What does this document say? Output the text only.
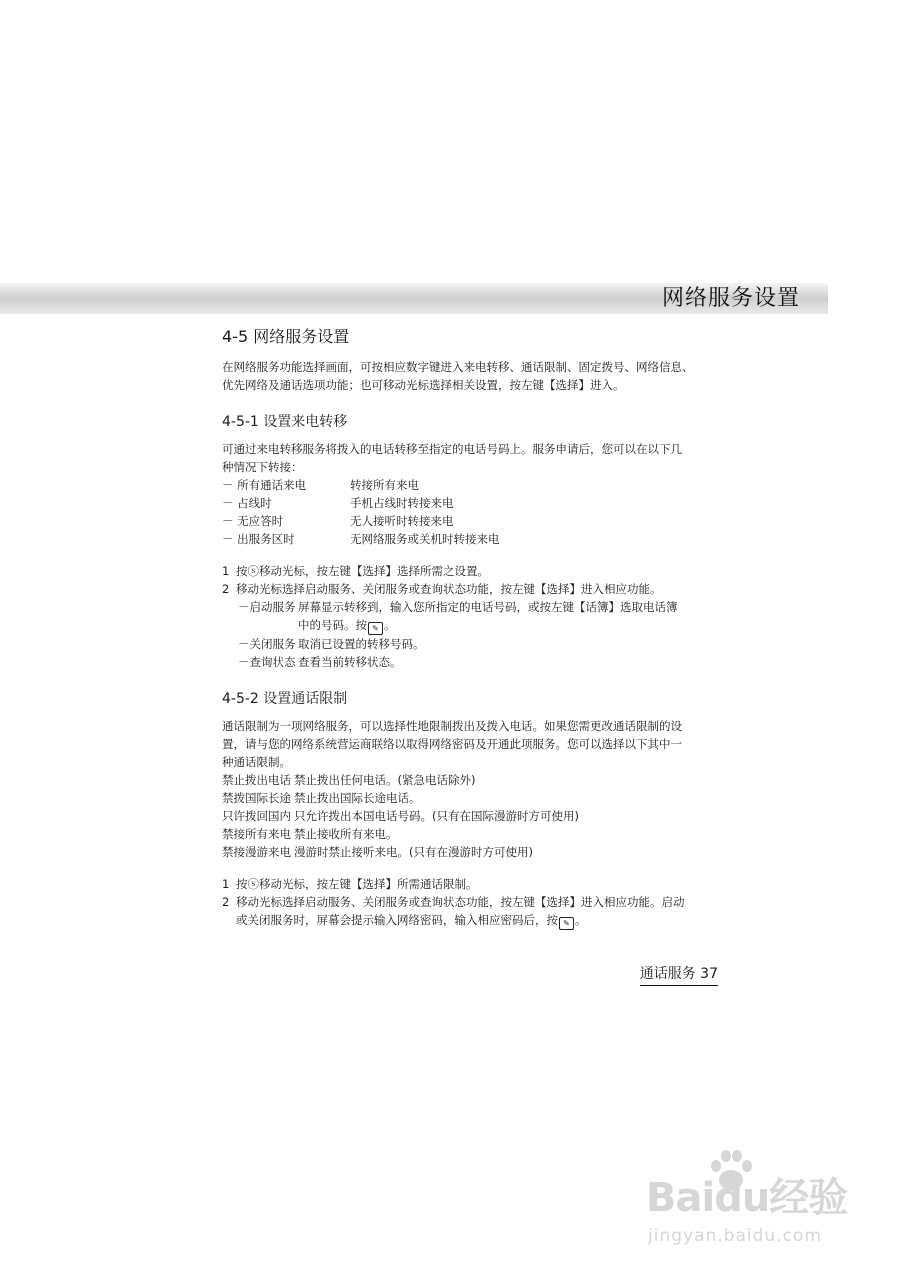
网络服务设置
4-5 网络服务设置

在网络服务功能选择画面，可按相应数字键进入来电转移、通话限制、固定拨号、网络信息、

优先网络及通话选项功能；也可移动光标选择相关设置，按左键【选择】进入。

4-5-1 设置来电转移

可通过来电转移服务将拨入的电话转移至指定的电话号码上。服务申请后，您可以在以下几

种情况下转接：

－ 所有通话来电	转接所有来电
－ 占线时	手机占线时转接来电
－ 无应答时	无人接听时转接来电
－ 出服务区时	无网络服务或关机时转接来电
1 按ⓢ移动光标，按左键【选择】选择所需之设置。
2 移动光标选择启动服务、关闭服务或查询状态功能，按左键【选择】进入相应功能。
－启动服务 屏幕显示转移到，输入您所指定的电话号码，或按左键【话簿】选取电话簿
中的号码。按 ✎ 。
－关闭服务 取消已设置的转移号码。
－查询状态 查看当前转移状态。
4-5-2 设置通话限制

通话限制为一项网络服务，可以选择性地限制拨出及拨入电话。如果您需更改通话限制的设

置，请与您的网络系统营运商联络以取得网络密码及开通此项服务。您可以选择以下其中一

种通话限制。

禁止拨出电话 禁止拨出任何电话。(紧急电话除外)
禁拨国际长途 禁止拨出国际长途电话。
只许拨回国内 只允许拨出本国电话号码。(只有在国际漫游时方可使用)
禁接所有来电 禁止接收所有来电。
禁接漫游来电 漫游时禁止接听来电。(只有在漫游时方可使用)
1 按ⓢ移动光标，按左键【选择】所需通话限制。
2 移动光标选择启动服务、关闭服务或查询状态功能，按左键【选择】进入相应功能。启动
或关闭服务时，屏幕会提示输入网络密码，输入相应密码后，按 ✎ 。
通话服务 37
Baidu经验
jingyan.baidu.com
